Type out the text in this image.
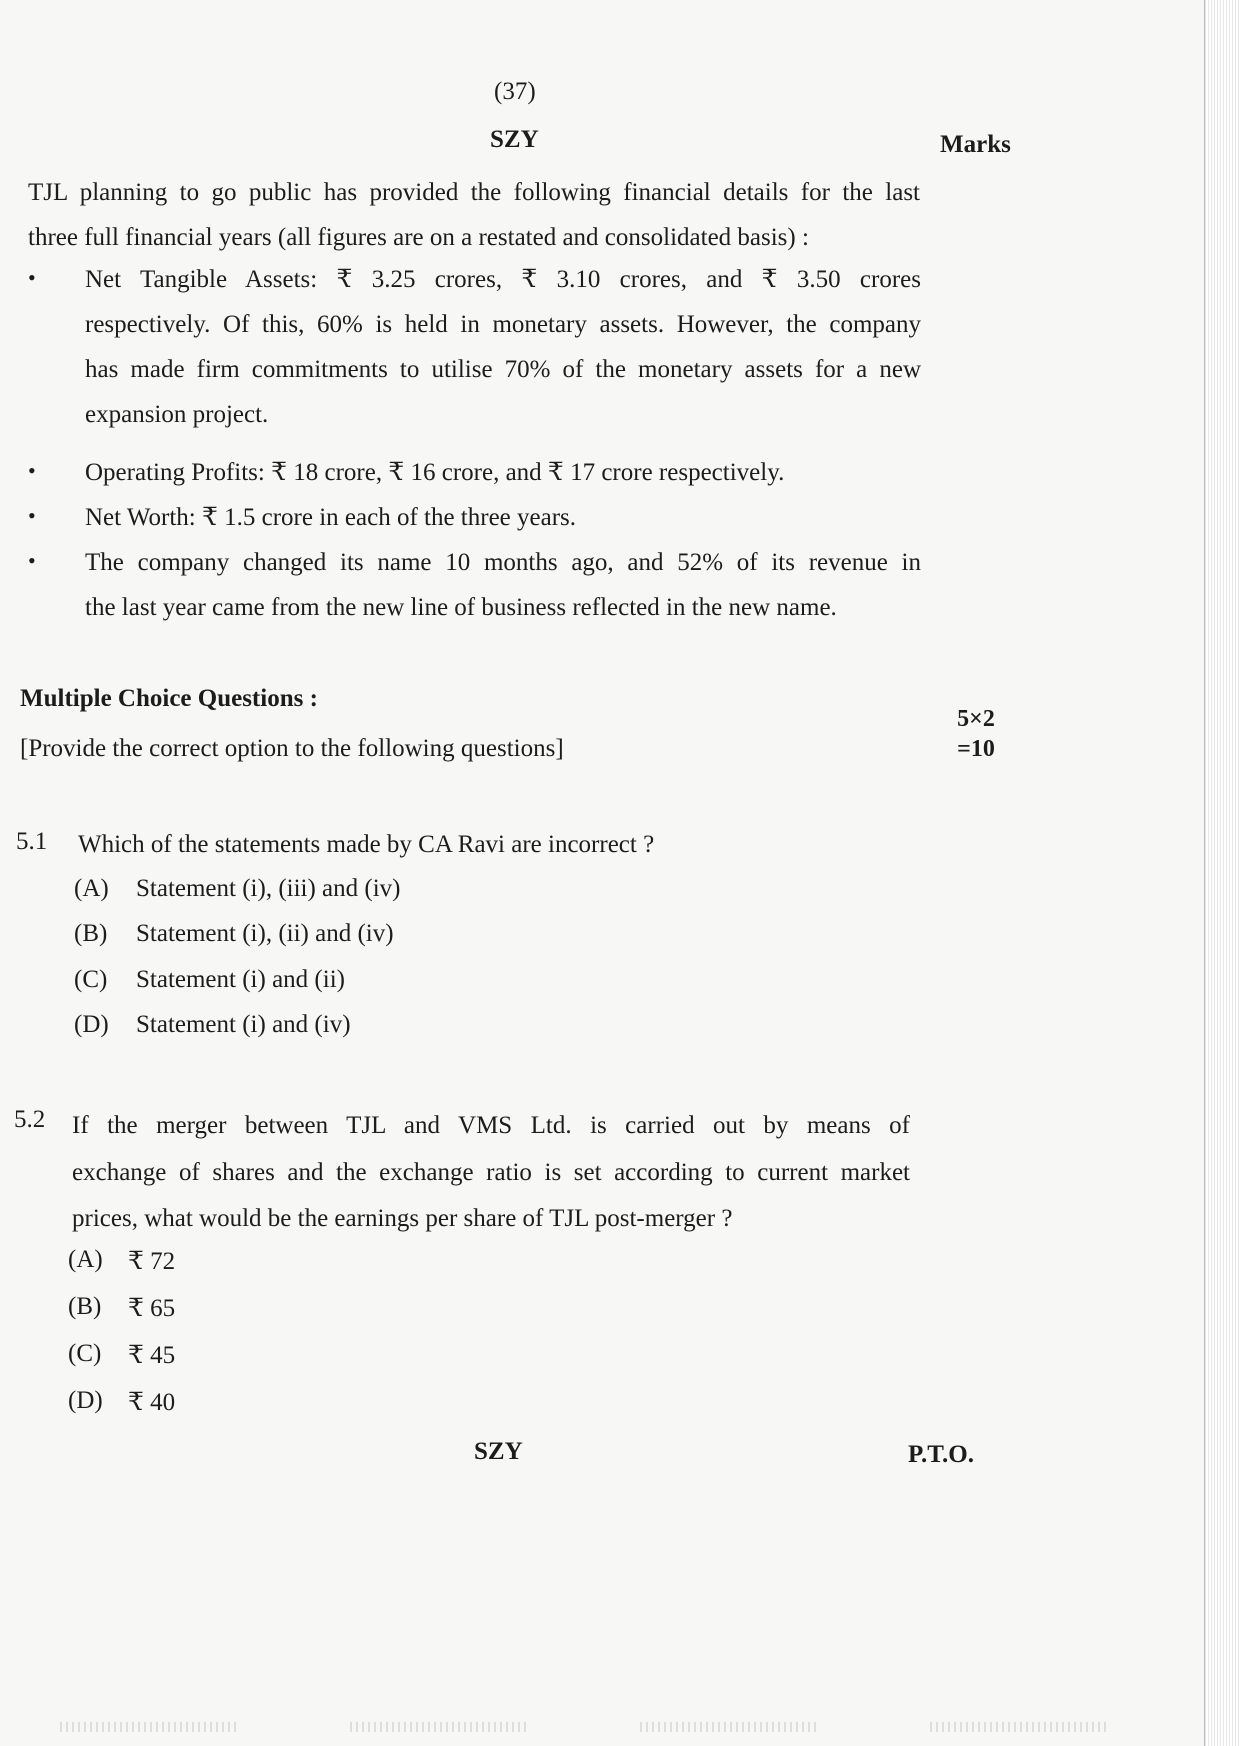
(37)
SZY	Marks
TJL planning to go public has provided the following financial details for the last
three full financial years (all figures are on a restated and consolidated basis) :
• Net Tangible Assets: ₹ 3.25 crores, ₹ 3.10 crores, and ₹ 3.50 crores
respectively. Of this, 60% is held in monetary assets. However, the company
has made firm commitments to utilise 70% of the monetary assets for a new
expansion project.
• Operating Profits: ₹ 18 crore, ₹ 16 crore, and ₹ 17 crore respectively.
• Net Worth: ₹ 1.5 crore in each of the three years.
• The company changed its name 10 months ago, and 52% of its revenue in
the last year came from the new line of business reflected in the new name.
Multiple Choice Questions :
[Provide the correct option to the following questions]
5×2
=10
5.1 Which of the statements made by CA Ravi are incorrect ?
(A) Statement (i), (iii) and (iv)
(B) Statement (i), (ii) and (iv)
(C) Statement (i) and (ii)
(D) Statement (i) and (iv)
5.2 If the merger between TJL and VMS Ltd. is carried out by means of
exchange of shares and the exchange ratio is set according to current market
prices, what would be the earnings per share of TJL post-merger ?
(A) ₹ 72
(B) ₹ 65
(C) ₹ 45
(D) ₹ 40
SZY	P.T.O.
